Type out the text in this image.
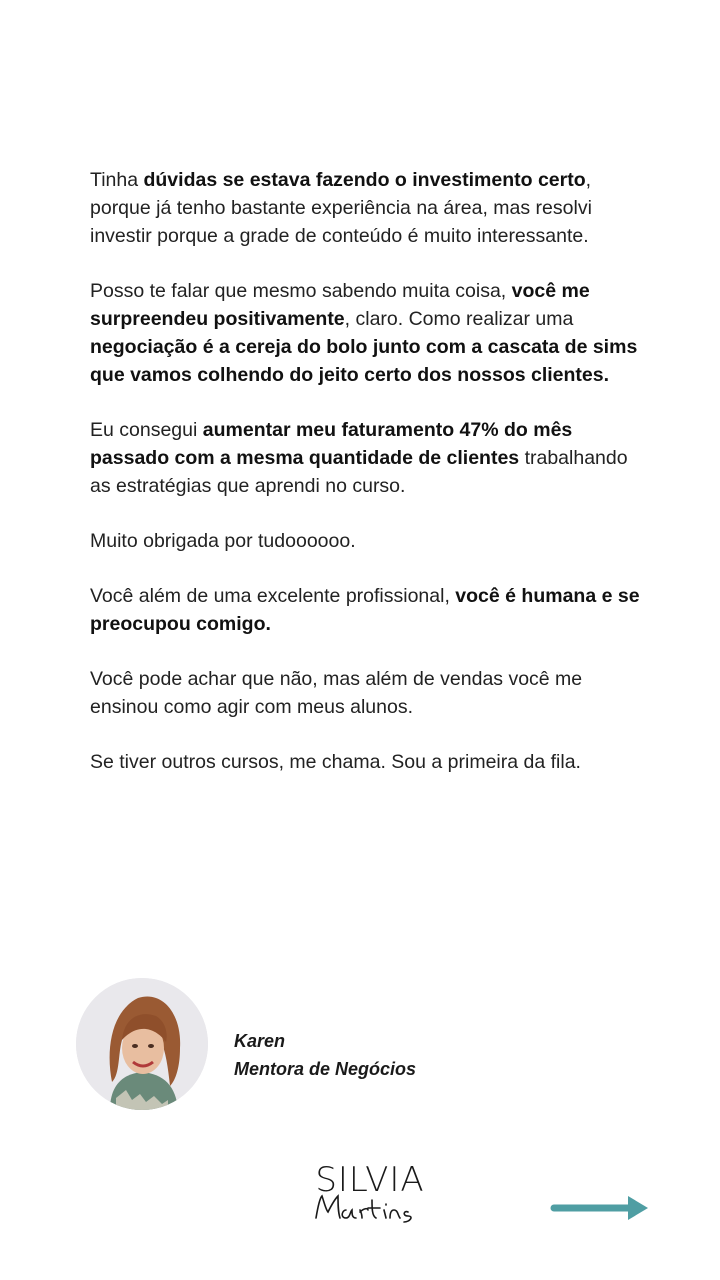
Tinha dúvidas se estava fazendo o investimento certo, porque já tenho bastante experiência na área, mas resolvi investir porque a grade de conteúdo é muito interessante.

Posso te falar que mesmo sabendo muita coisa, você me surpreendeu positivamente, claro. Como realizar uma negociação é a cereja do bolo junto com a cascata de sims que vamos colhendo do jeito certo dos nossos clientes.

Eu consegui aumentar meu faturamento 47% do mês passado com a mesma quantidade de clientes trabalhando as estratégias que aprendi no curso.

Muito obrigada por tudoooooo.

Você além de uma excelente profissional, você é humana e se preocupou comigo.

Você pode achar que não, mas além de vendas você me ensinou como agir com meus alunos.

Se tiver outros cursos, me chama. Sou a primeira da fila.

Karen
Mentora de Negócios
SILVIA
